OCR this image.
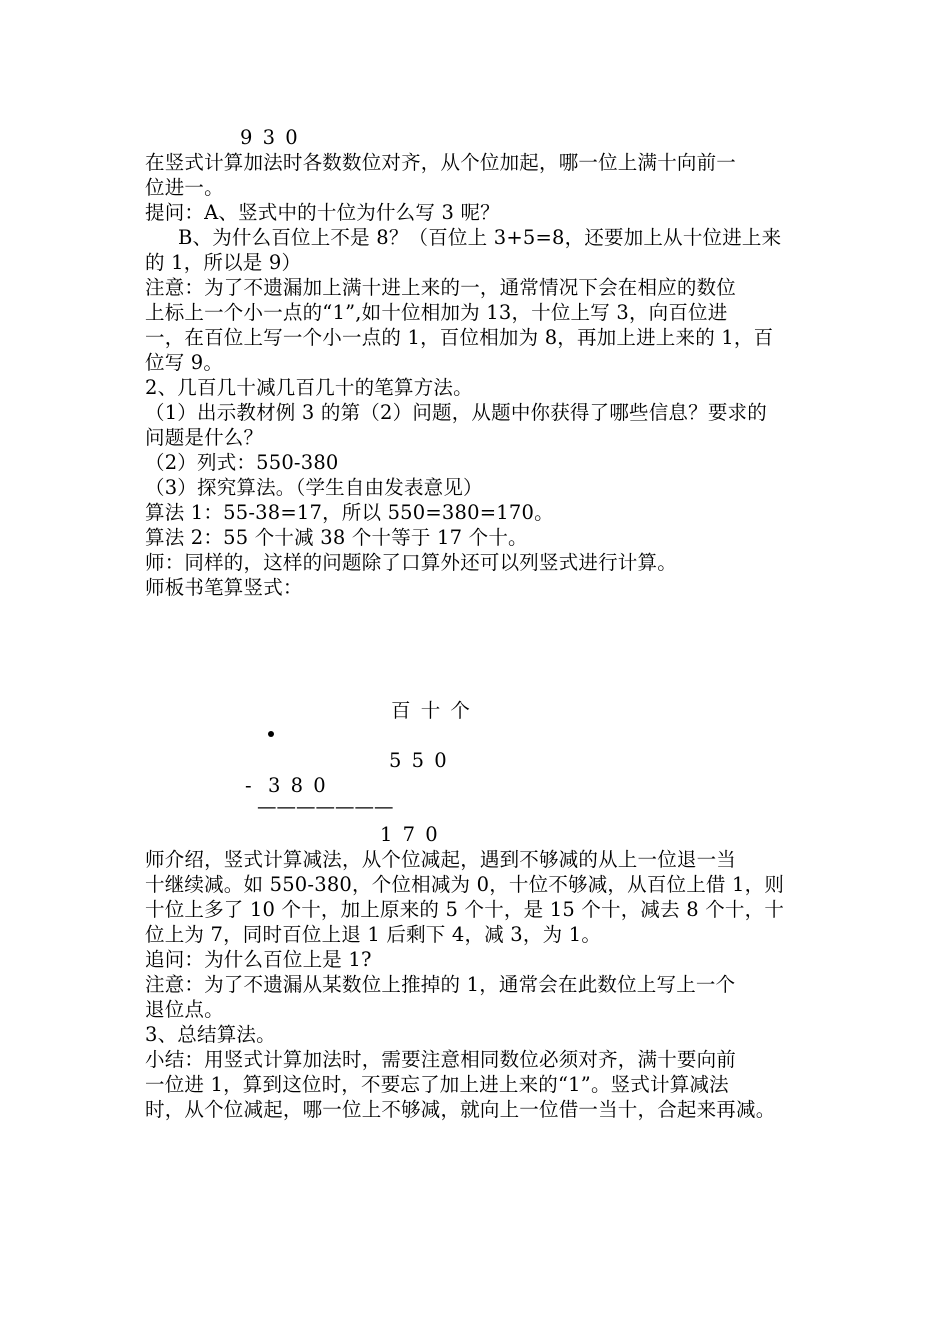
9 3 0
在竖式计算加法时各数数位对齐，从个位加起，哪一位上满十向前一
位进一。
提问：A、竖式中的十位为什么写 3 呢？
B、为什么百位上不是 8？（百位上 3+5=8，还要加上从十位进上来
的 1，所以是 9）
注意：为了不遗漏加上满十进上来的一，通常情况下会在相应的数位
上标上一个小一点的“1”,如十位相加为 13，十位上写 3，向百位进
一，在百位上写一个小一点的 1，百位相加为 8，再加上进上来的 1，百
位写 9。
2、几百几十减几百几十的笔算方法。
（1）出示教材例 3 的第（2）问题，从题中你获得了哪些信息？要求的
问题是什么？
（2）列式：550-380
（3）探究算法。（学生自由发表意见）
算法 1：55-38=17，所以 550=380=170。
算法 2：55 个十减 38 个十等于 17 个十。
师：同样的，这样的问题除了口算外还可以列竖式进行计算。
师板书笔算竖式：
百 十 个
5 5 0
- 3 8 0
———————
1 7 0
师介绍，竖式计算减法，从个位减起，遇到不够减的从上一位退一当
十继续减。如 550-380，个位相减为 0，十位不够减，从百位上借 1，则
十位上多了 10 个十，加上原来的 5 个十，是 15 个十，减去 8 个十，十
位上为 7，同时百位上退 1 后剩下 4，减 3，为 1。
追问：为什么百位上是 1?
注意：为了不遗漏从某数位上推掉的 1，通常会在此数位上写上一个
退位点。
3、总结算法。
小结：用竖式计算加法时，需要注意相同数位必须对齐，满十要向前
一位进 1，算到这位时，不要忘了加上进上来的“1”。竖式计算减法
时，从个位减起，哪一位上不够减，就向上一位借一当十，合起来再减。
